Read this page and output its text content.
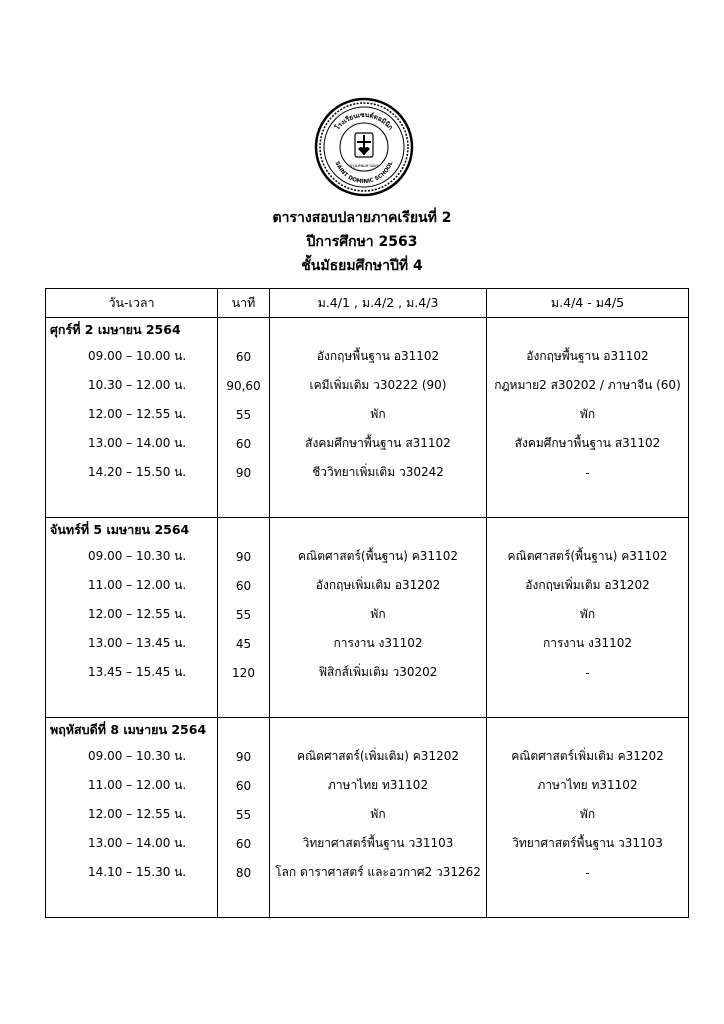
โรงเรียนเซนต์ดอมินิก
SAINT DOMINIC SCHOOL
กรุงเทพมหานคร
ตารางสอบปลายภาคเรียนที่ 2
ปีการศึกษา 2563
ชั้นมัธยมศึกษาปีที่ 4
วัน-เวลา	นาที	ม.4/1 , ม.4/2 , ม.4/3	ม.4/4 - ม4/5
ศุกร์ที่ 2 เมษายน 2564			
09.00 – 10.00 น.	60	อังกฤษพื้นฐาน อ31102	อังกฤษพื้นฐาน อ31102
10.30 – 12.00 น.	90,60	เคมีเพิ่มเติม ว30222 (90)	กฎหมาย2 ส30202 / ภาษาจีน (60)
12.00 – 12.55 น.	55	พัก	พัก
13.00 – 14.00 น.	60	สังคมศึกษาพื้นฐาน ส31102	สังคมศึกษาพื้นฐาน ส31102
14.20 – 15.50 น.	90	ชีววิทยาเพิ่มเติม ว30242	-

จันทร์ที่ 5 เมษายน 2564			
09.00 – 10.30 น.	90	คณิตศาสตร์(พื้นฐาน) ค31102	คณิตศาสตร์(พื้นฐาน) ค31102
11.00 – 12.00 น.	60	อังกฤษเพิ่มเติม อ31202	อังกฤษเพิ่มเติม อ31202
12.00 – 12.55 น.	55	พัก	พัก
13.00 – 13.45 น.	45	การงาน ง31102	การงาน ง31102
13.45 – 15.45 น.	120	ฟิสิกส์เพิ่มเติม ว30202	-

พฤหัสบดีที่ 8 เมษายน 2564			
09.00 – 10.30 น.	90	คณิตศาสตร์(เพิ่มเติม) ค31202	คณิตศาสตร์เพิ่มเติม ค31202
11.00 – 12.00 น.	60	ภาษาไทย ท31102	ภาษาไทย ท31102
12.00 – 12.55 น.	55	พัก	พัก
13.00 – 14.00 น.	60	วิทยาศาสตร์พื้นฐาน ว31103	วิทยาศาสตร์พื้นฐาน ว31103
14.10 – 15.30 น.	80	โลก ดาราศาสตร์ และอวกาศ2 ว31262	-
